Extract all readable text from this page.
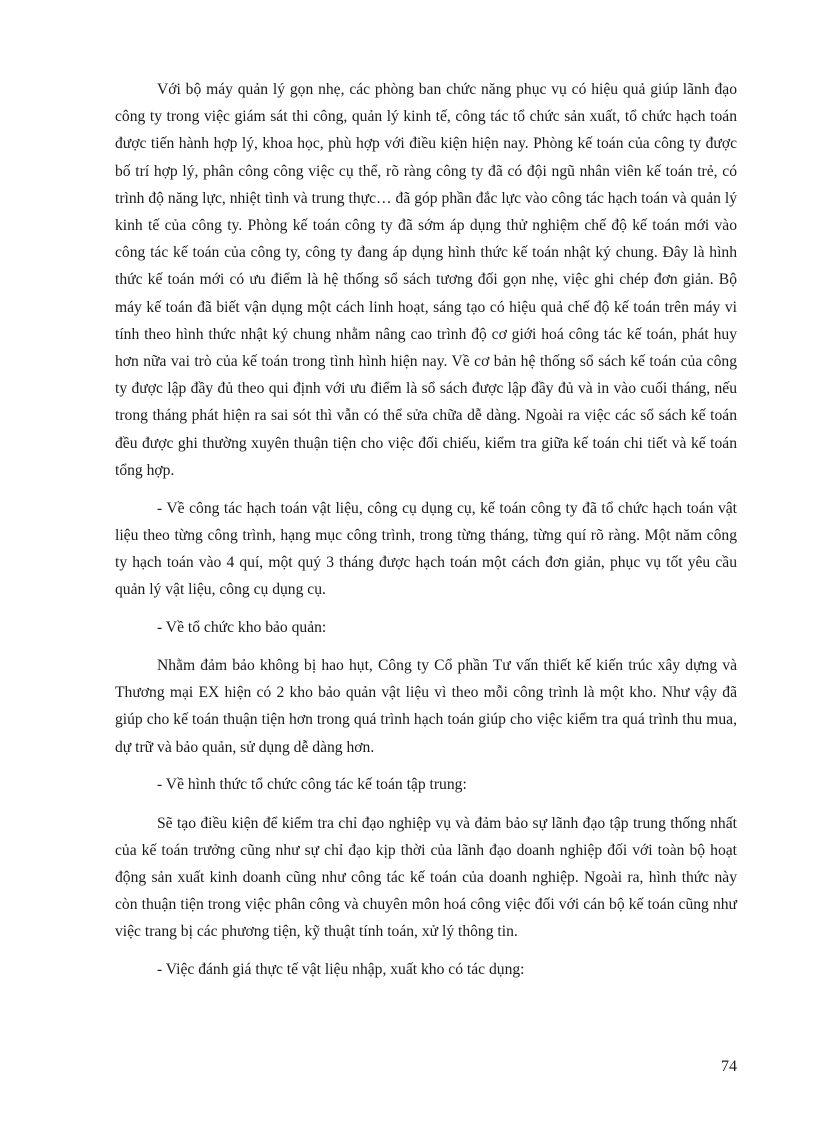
Với bộ máy quản lý gọn nhẹ, các phòng ban chức năng phục vụ có hiệu quả giúp lãnh đạo công ty trong việc giám sát thi công, quản lý kinh tế, công tác tổ chức sản xuất, tổ chức hạch toán được tiến hành hợp lý, khoa học, phù hợp với điều kiện hiện nay. Phòng kế toán của công ty được bố trí hợp lý, phân công công việc cụ thể, rõ ràng công ty đã có đội ngũ nhân viên kế toán trẻ, có trình độ năng lực, nhiệt tình và trung thực… đã góp phần đắc lực vào công tác hạch toán và quản lý kinh tế của công ty. Phòng kế toán công ty đã sớm áp dụng thử nghiệm chế độ kế toán mới vào công tác kế toán của công ty, công ty đang áp dụng hình thức kế toán nhật ký chung. Đây là hình thức kế toán mới có ưu điểm là hệ thống sổ sách tương đối gọn nhẹ, việc ghi chép đơn giản. Bộ máy kế toán đã biết vận dụng một cách linh hoạt, sáng tạo có hiệu quả chế độ kế toán trên máy vi tính theo hình thức nhật ký chung nhằm nâng cao trình độ cơ giới hoá công tác kế toán, phát huy hơn nữa vai trò của kế toán trong tình hình hiện nay. Về cơ bản hệ thống sổ sách kế toán của công ty được lập đầy đủ theo qui định với ưu điểm là sổ sách được lập đầy đủ và in vào cuối tháng, nếu trong tháng phát hiện ra sai sót thì vẫn có thể sửa chữa dễ dàng. Ngoài ra việc các sổ sách kế toán đều được ghi thường xuyên thuận tiện cho việc đối chiếu, kiểm tra giữa kế toán chi tiết và kế toán tổng hợp.

- Về công tác hạch toán vật liệu, công cụ dụng cụ, kế toán công ty đã tổ chức hạch toán vật liệu theo từng công trình, hạng mục công trình, trong từng tháng, từng quí rõ ràng. Một năm công ty hạch toán vào 4 quí, một quý 3 tháng được hạch toán một cách đơn giản, phục vụ tốt yêu cầu quản lý vật liệu, công cụ dụng cụ.

- Về tổ chức kho bảo quản:

Nhằm đảm bảo không bị hao hụt, Công ty Cổ phần Tư vấn thiết kế kiến trúc xây dựng và Thương mại EX hiện có 2 kho bảo quản vật liệu vì theo mỗi công trình là một kho. Như vậy đã giúp cho kế toán thuận tiện hơn trong quá trình hạch toán giúp cho việc kiểm tra quá trình thu mua, dự trữ và bảo quản, sử dụng dễ dàng hơn.

- Về hình thức tổ chức công tác kế toán tập trung:

Sẽ tạo điều kiện để kiểm tra chỉ đạo nghiệp vụ và đảm bảo sự lãnh đạo tập trung thống nhất của kế toán trưởng cũng như sự chỉ đạo kịp thời của lãnh đạo doanh nghiệp đối với toàn bộ hoạt động sản xuất kinh doanh cũng như công tác kế toán của doanh nghiệp. Ngoài ra, hình thức này còn thuận tiện trong việc phân công và chuyên môn hoá công việc đối với cán bộ kế toán cũng như việc trang bị các phương tiện, kỹ thuật tính toán, xử lý thông tin.

- Việc đánh giá thực tế vật liệu nhập, xuất kho có tác dụng:

74
